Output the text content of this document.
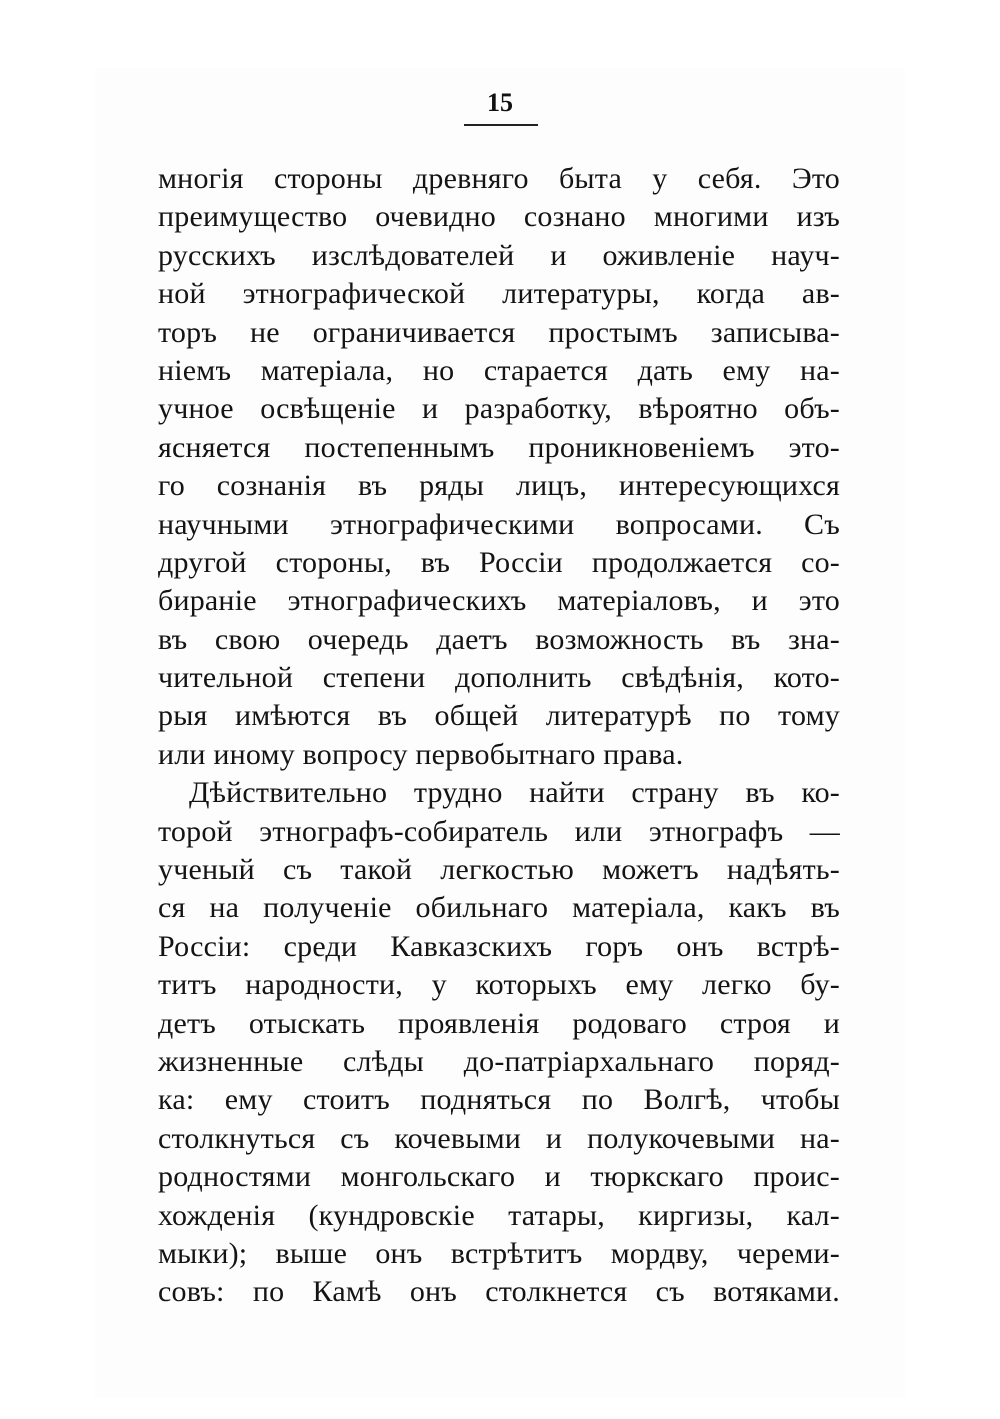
15
многія стороны древняго быта у себя. Это
преимущество очевидно сознано многими изъ
русскихъ изслѣдователей и оживленіе науч-
ной этнографической литературы, когда ав-
торъ не ограничивается простымъ записыва-
ніемъ матеріала, но старается дать ему на-
учное освѣщеніе и разработку, вѣроятно объ-
ясняется постепеннымъ проникновеніемъ это-
го сознанія въ ряды лицъ, интересующихся
научными этнографическими вопросами. Съ
другой стороны, въ Россіи продолжается со-
бираніе этнографическихъ матеріаловъ, и это
въ свою очередь даетъ возможность въ зна-
чительной степени дополнить свѣдѣнія, кото-
рыя имѣются въ общей литературѣ по тому
или иному вопросу первобытнаго права.
Дѣйствительно трудно найти страну въ ко-
торой этнографъ-собиратель или этнографъ —
ученый съ такой легкостью можетъ надѣять-
ся на полученіе обильнаго матеріала, какъ въ
Россіи: среди Кавказскихъ горъ онъ встрѣ-
титъ народности, у которыхъ ему легко бу-
детъ отыскать проявленія родоваго строя и
жизненные слѣды до-патріархальнаго поряд-
ка: ему стоитъ подняться по Волгѣ, чтобы
столкнуться съ кочевыми и полукочевыми на-
родностями монгольскаго и тюркскаго проис-
хожденія (кундровскіе татары, киргизы, кал-
мыки); выше онъ встрѣтитъ мордву, череми-
совъ: по Камѣ онъ столкнется съ вотяками.
